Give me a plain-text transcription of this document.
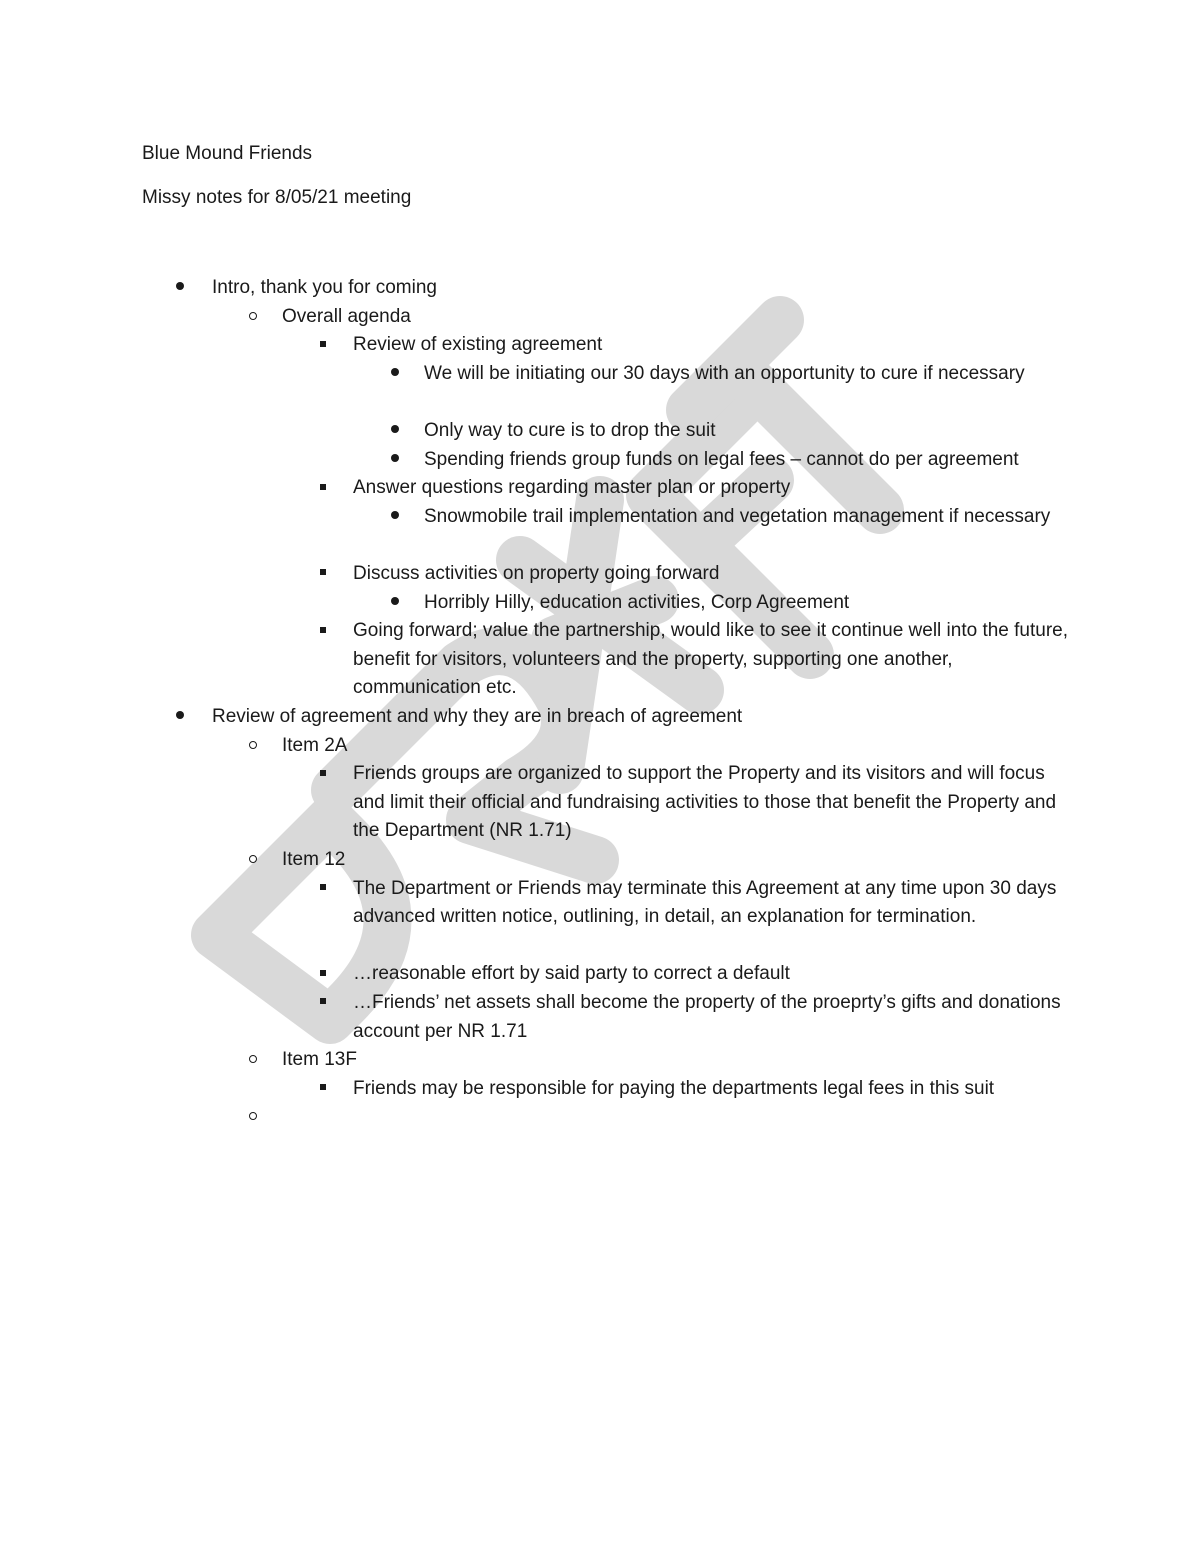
Blue Mound Friends
Missy notes for 8/05/21 meeting
Intro, thank you for coming
Overall agenda
Review of existing agreement
We will be initiating our 30 days with an opportunity to cure if necessary
Only way to cure is to drop the suit
Spending friends group funds on legal fees – cannot do per agreement
Answer questions regarding master plan or property
Snowmobile trail implementation and vegetation management if necessary
Discuss activities on property going forward
Horribly Hilly, education activities, Corp Agreement
Going forward; value the partnership, would like to see it continue well into the future, benefit for visitors, volunteers and the property, supporting one another, communication etc.
Review of agreement and why they are in breach of agreement
Item 2A
Friends groups are organized to support the Property and its visitors and will focus and limit their official and fundraising activities to those that benefit the Property and the Department (NR 1.71)
Item 12
The Department or Friends may terminate this Agreement at any time upon 30 days advanced written notice, outlining, in detail, an explanation for termination.
…reasonable effort by said party to correct a default
…Friends’ net assets shall become the property of the proeprty’s gifts and donations account per NR 1.71
Item 13F
Friends may be responsible for paying the departments legal fees in this suit
